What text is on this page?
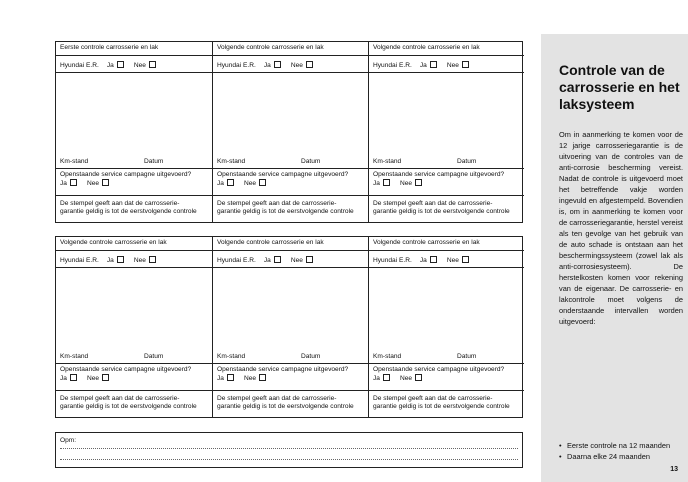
Eerste controle carrosserie en lak
Hyundai E.R. Ja	Nee
Km-stand	Datum
Openstaande service campagne uitgevoerd?
Ja	Nee
De stempel geeft aan dat de carrosserie-
garantie geldig is tot de eerstvolgende controle
Volgende controle carrosserie en lak
Hyundai E.R. Ja	Nee
Km-stand	Datum
Openstaande service campagne uitgevoerd?
Ja	Nee
De stempel geeft aan dat de carrosserie-
garantie geldig is tot de eerstvolgende controle
Volgende controle carrosserie en lak
Hyundai E.R. Ja	Nee
Km-stand	Datum
Openstaande service campagne uitgevoerd?
Ja	Nee
De stempel geeft aan dat de carrosserie-
garantie geldig is tot de eerstvolgende controle
Volgende controle carrosserie en lak
Hyundai E.R. Ja	Nee
Km-stand	Datum
Openstaande service campagne uitgevoerd?
Ja	Nee
De stempel geeft aan dat de carrosserie-
garantie geldig is tot de eerstvolgende controle
Volgende controle carrosserie en lak
Hyundai E.R. Ja	Nee
Km-stand	Datum
Openstaande service campagne uitgevoerd?
Ja	Nee
De stempel geeft aan dat de carrosserie-
garantie geldig is tot de eerstvolgende controle
Volgende controle carrosserie en lak
Hyundai E.R. Ja	Nee
Km-stand	Datum
Openstaande service campagne uitgevoerd?
Ja	Nee
De stempel geeft aan dat de carrosserie-
garantie geldig is tot de eerstvolgende controle
Opm:
Controle van de carrosserie en het laksysteem
Om in aanmerking te komen voor de 12 jarige carrosseriegarantie is de uitvoering van de controles van de anti-corrosie bescherming vereist. Nadat de controle is uitgevoerd moet het betreffende vakje worden ingevuld en afgestempeld. Bovendien is, om in aanmerking te komen voor de carrosseriegarantie, herstel vereist als ten gevolge van het gebruik van de auto schade is ontstaan aan het beschermingssysteem (zowel lak als anti-corrosiesysteem). De herstelkosten komen voor rekening van de eigenaar. De carrosserie- en lakcontrole moet volgens de onderstaande intervallen worden uitgevoerd:
• Eerste controle na 12 maanden
• Daarna elke 24 maanden
13
